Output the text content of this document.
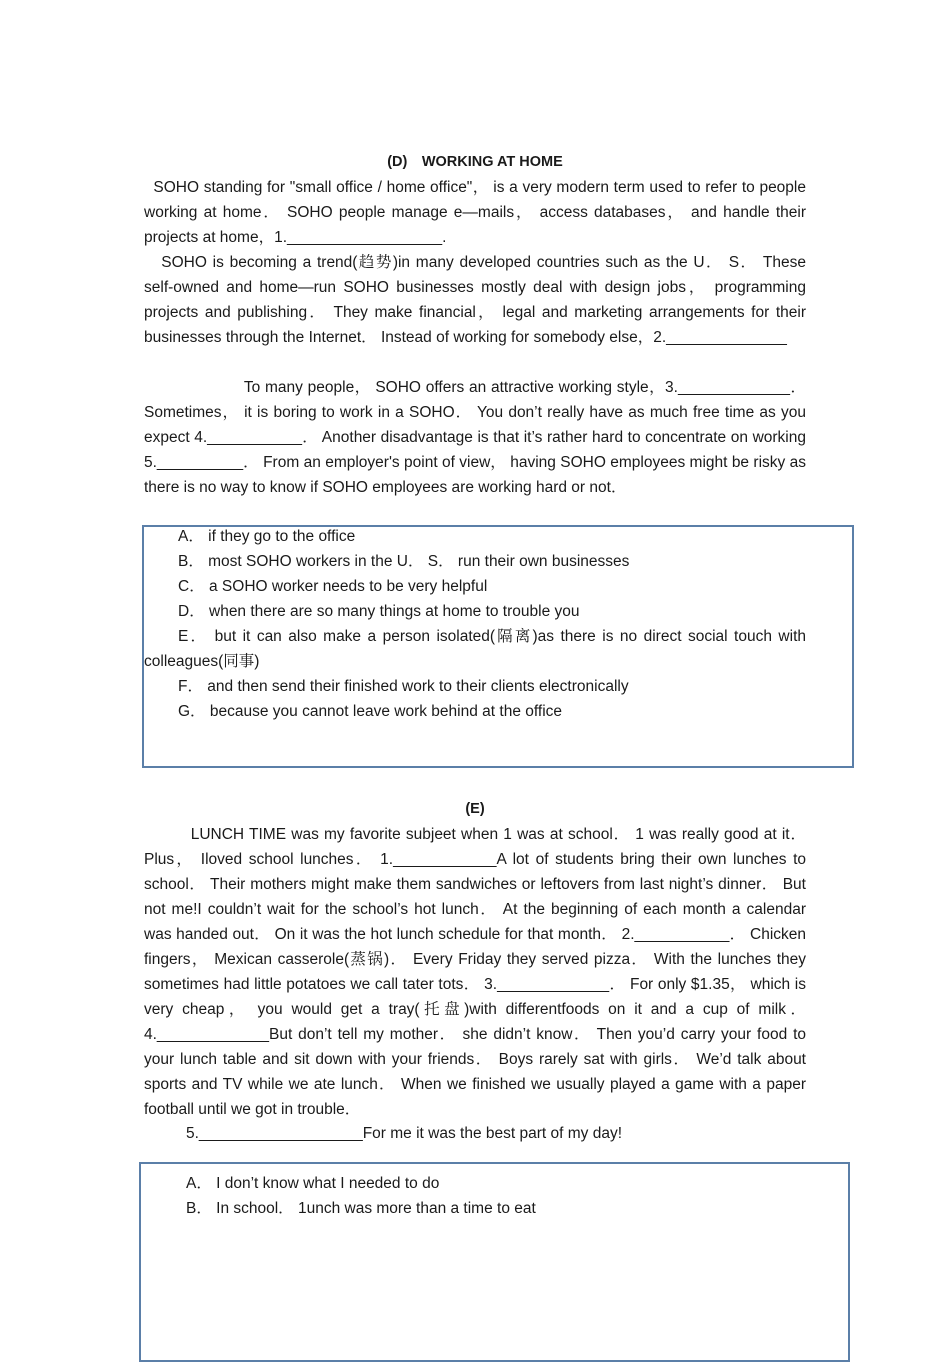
(D)　WORKING AT HOME

SOHO standing for "small office / home office"， is a very modern term used to refer to people working at home． SOHO people manage e—mails， access databases， and handle their projects at home，1.__________________.

SOHO is becoming a trend(趋势)in many developed countries such as the U． S． These self-owned and home—run SOHO businesses mostly deal with design jobs， programming projects and publishing． They make financial， legal and marketing arrangements for their businesses through the Internet． Instead of working for somebody else，2.______________

To many people， SOHO offers an attractive working style，3._____________． Sometimes， it is boring to work in a SOHO． You don’t really have as much free time as you expect 4.___________． Another disadvantage is that it’s rather hard to concentrate on working 5.__________． From an employer's point of view， having SOHO employees might be risky as there is no way to know if SOHO employees are working hard or not．

A． if they go to the office

B． most SOHO workers in the U． S． run their own businesses

C． a SOHO worker needs to be very helpful

D． when there are so many things at home to trouble you

E． but it can also make a person isolated(隔离)as there is no direct social touch with colleagues(同事)

F． and then send their finished work to their clients electronically

G． because you cannot leave work behind at the office

(E)

LUNCH TIME was my favorite subjeet when 1 was at school． 1 was really good at it． Plus， Iloved school lunches． 1.____________A lot of students bring their own lunches to school． Their mothers might make them sandwiches or leftovers from last night’s dinner． But not me!I couldn’t wait for the school’s hot lunch． At the beginning of each month a calendar was handed out． On it was the hot lunch schedule for that month． 2.___________． Chicken fingers， Mexican casserole(蒸锅)． Every Friday they served pizza． With the lunches they sometimes had little potatoes we call tater tots． 3._____________． For only $1.35， which is very cheap， you would get a tray(托盘)with differentfoods on it and a cup of milk． 4._____________But don’t tell my mother． she didn’t know． Then you’d carry your food to your lunch table and sit down with your friends． Boys rarely sat with girls． We’d talk about sports and TV while we ate lunch． When we finished we usually played a game with a paper football until we got in trouble．

5.___________________For me it was the best part of my day!

A． I don’t know what I needed to do

B． In school． 1unch was more than a time to eat
